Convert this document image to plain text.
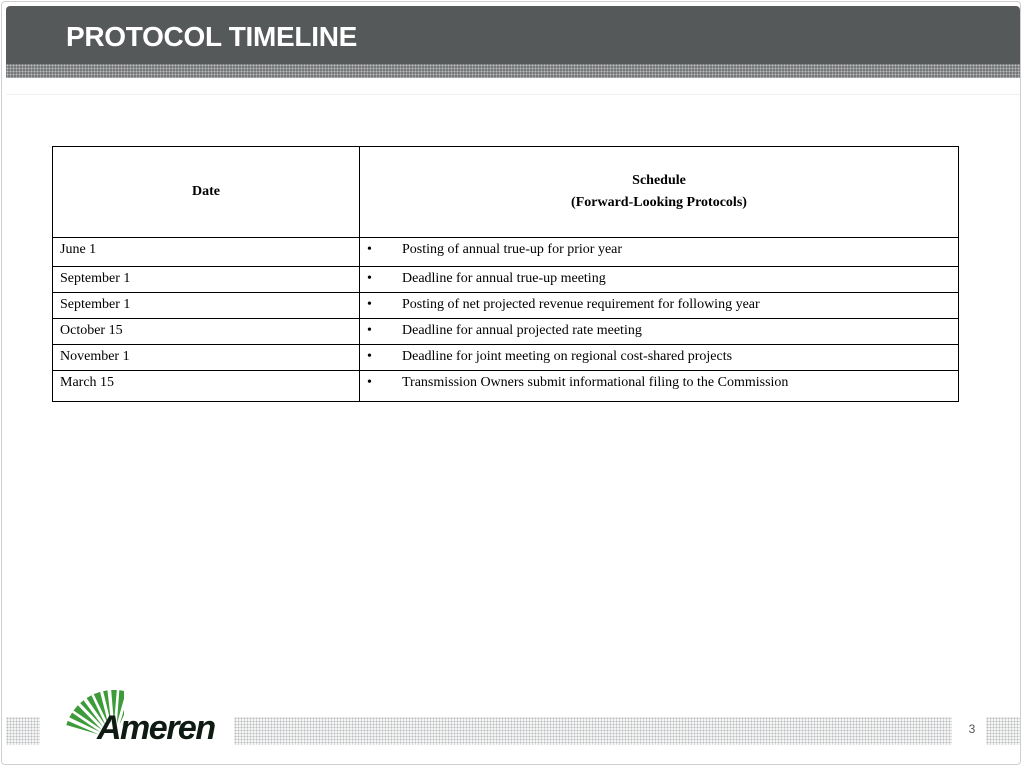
PROTOCOL TIMELINE
Date	Schedule
(Forward-Looking Protocols)

June 1	• Posting of annual true-up for prior year
September 1	• Deadline for annual true-up meeting
September 1	• Posting of net projected revenue requirement for following year
October 15	• Deadline for annual projected rate meeting
November 1	• Deadline for joint meeting on regional cost-shared projects
March 15	• Transmission Owners submit informational filing to the Commission
Ameren	3
